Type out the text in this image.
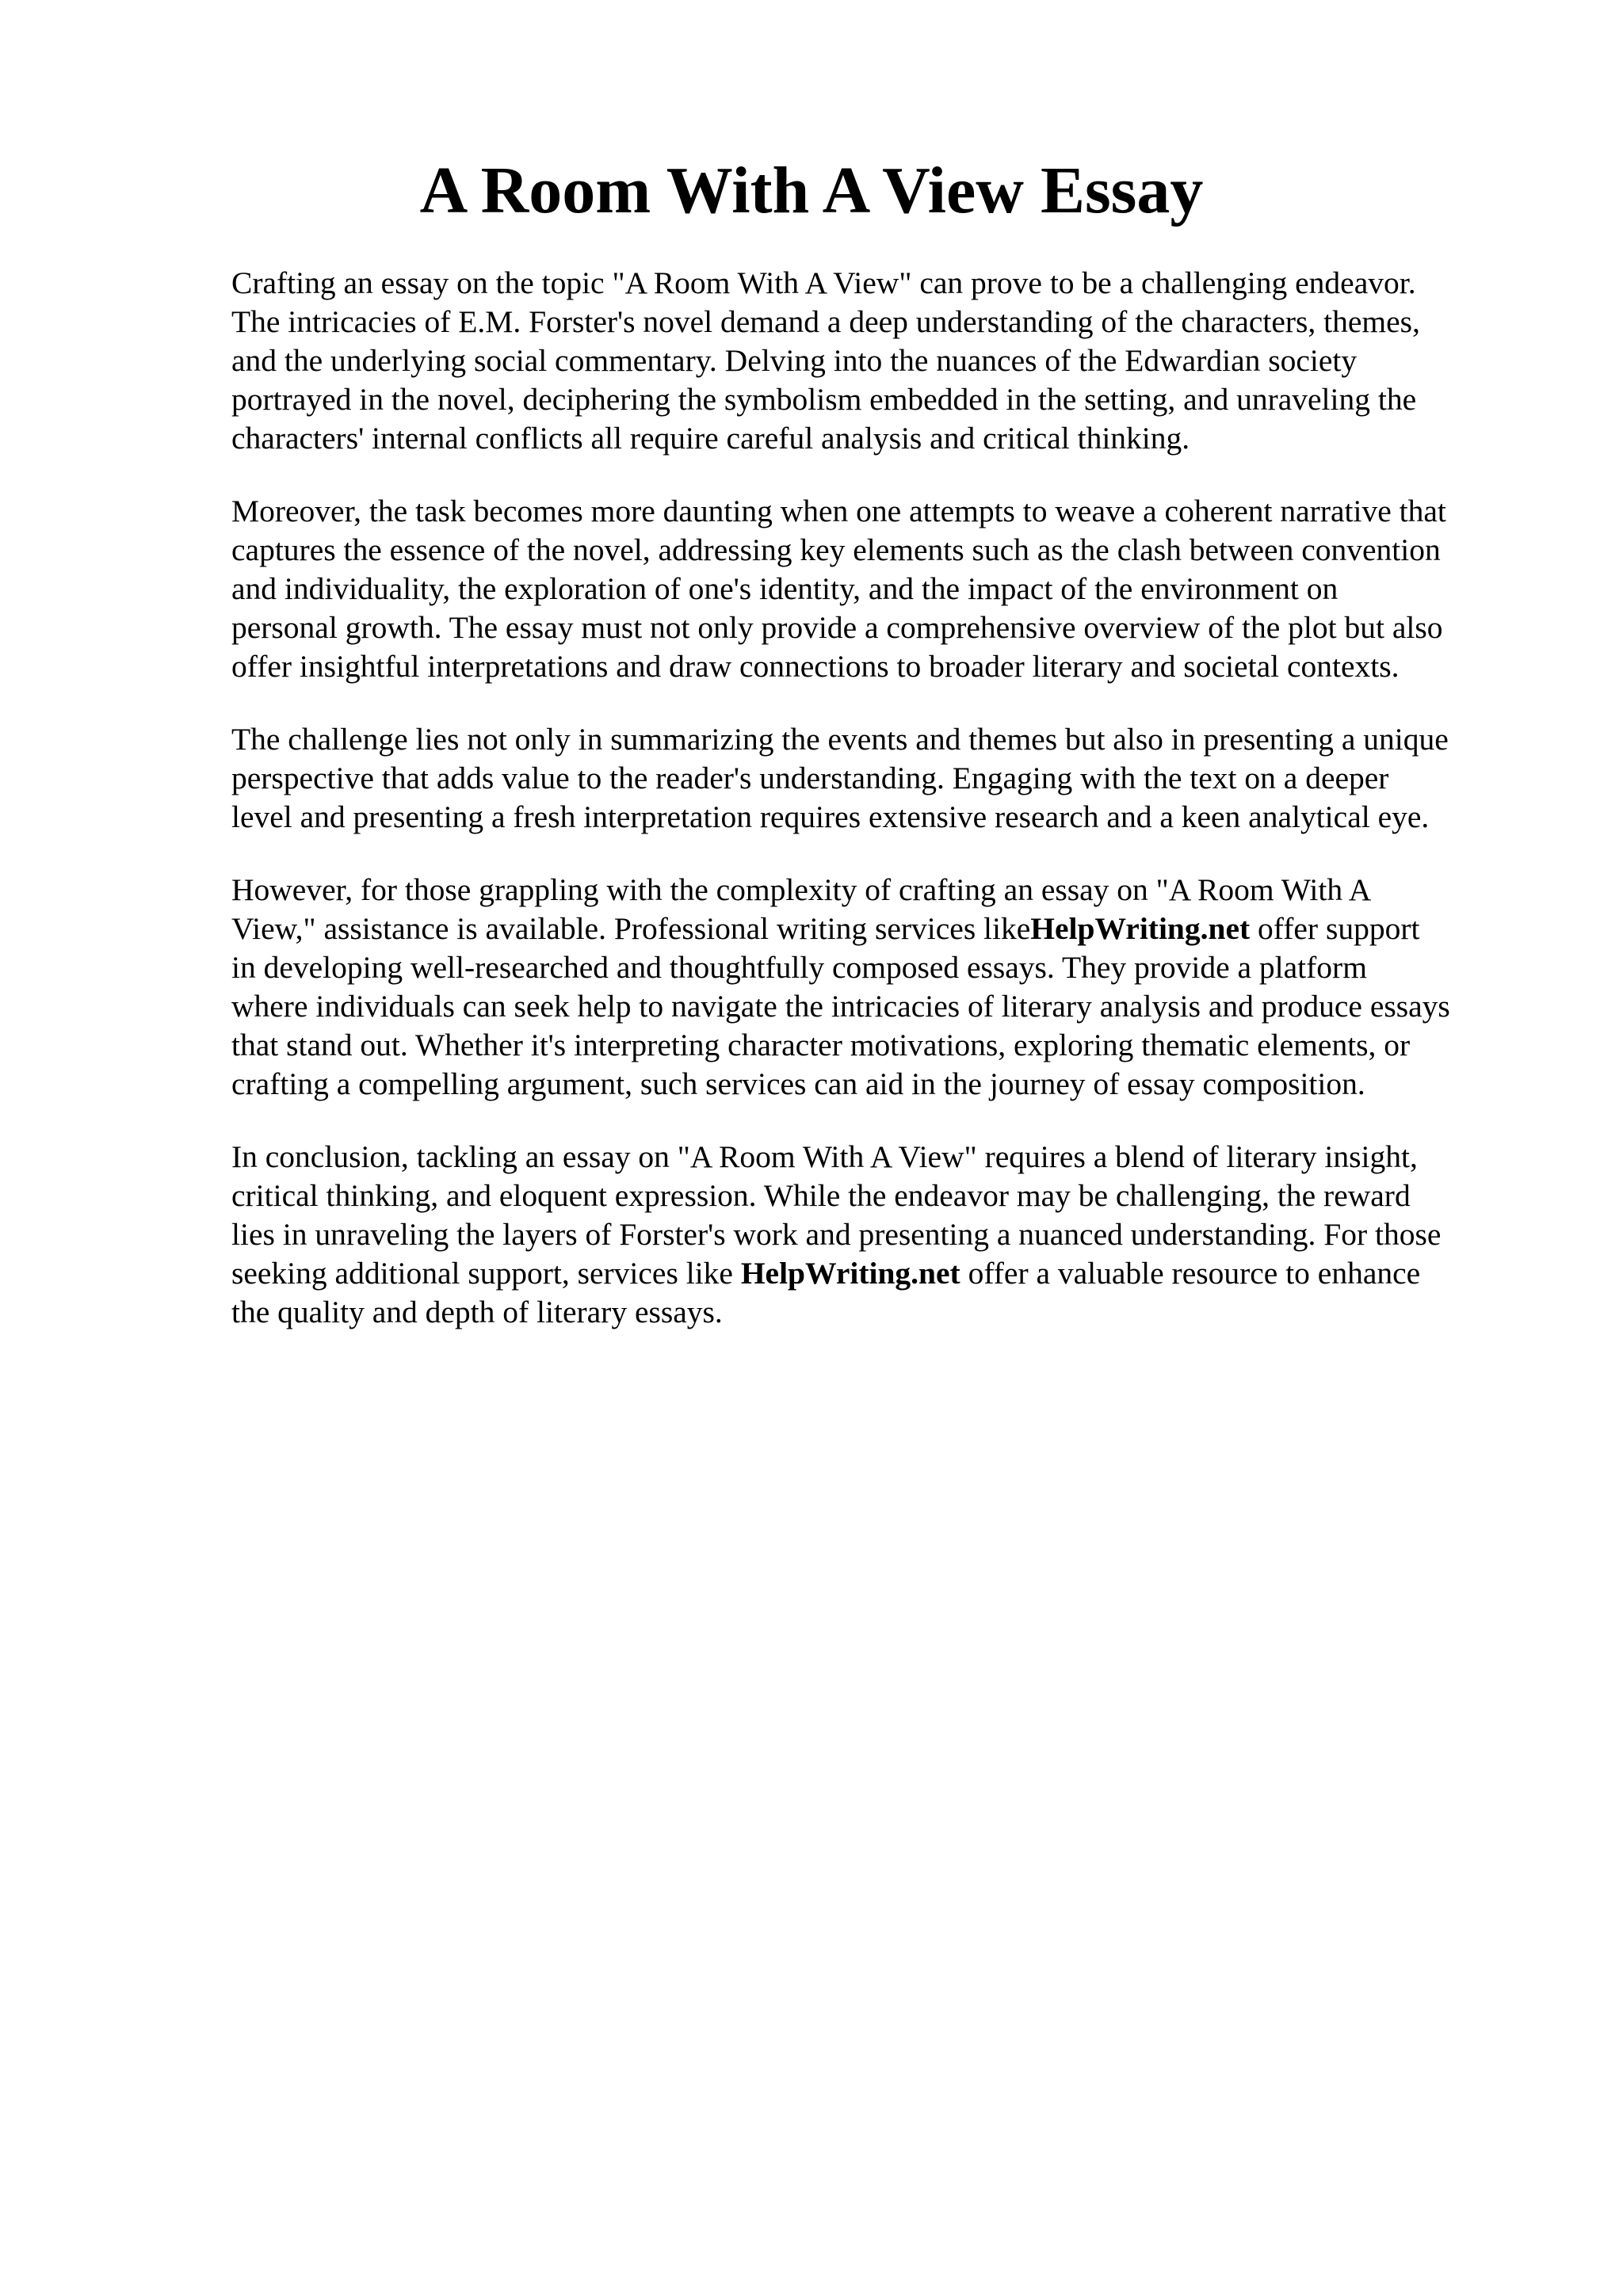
A Room With A View Essay

Crafting an essay on the topic "A Room With A View" can prove to be a challenging endeavor.
The intricacies of E.M. Forster's novel demand a deep understanding of the characters, themes,
and the underlying social commentary. Delving into the nuances of the Edwardian society
portrayed in the novel, deciphering the symbolism embedded in the setting, and unraveling the
characters' internal conflicts all require careful analysis and critical thinking.

Moreover, the task becomes more daunting when one attempts to weave a coherent narrative that
captures the essence of the novel, addressing key elements such as the clash between convention
and individuality, the exploration of one's identity, and the impact of the environment on
personal growth. The essay must not only provide a comprehensive overview of the plot but also
offer insightful interpretations and draw connections to broader literary and societal contexts.

The challenge lies not only in summarizing the events and themes but also in presenting a unique
perspective that adds value to the reader's understanding. Engaging with the text on a deeper
level and presenting a fresh interpretation requires extensive research and a keen analytical eye.

However, for those grappling with the complexity of crafting an essay on "A Room With A
View," assistance is available. Professional writing services likeHelpWriting.net offer support
in developing well-researched and thoughtfully composed essays. They provide a platform
where individuals can seek help to navigate the intricacies of literary analysis and produce essays
that stand out. Whether it's interpreting character motivations, exploring thematic elements, or
crafting a compelling argument, such services can aid in the journey of essay composition.

In conclusion, tackling an essay on "A Room With A View" requires a blend of literary insight,
critical thinking, and eloquent expression. While the endeavor may be challenging, the reward
lies in unraveling the layers of Forster's work and presenting a nuanced understanding. For those
seeking additional support, services like HelpWriting.net offer a valuable resource to enhance
the quality and depth of literary essays.
